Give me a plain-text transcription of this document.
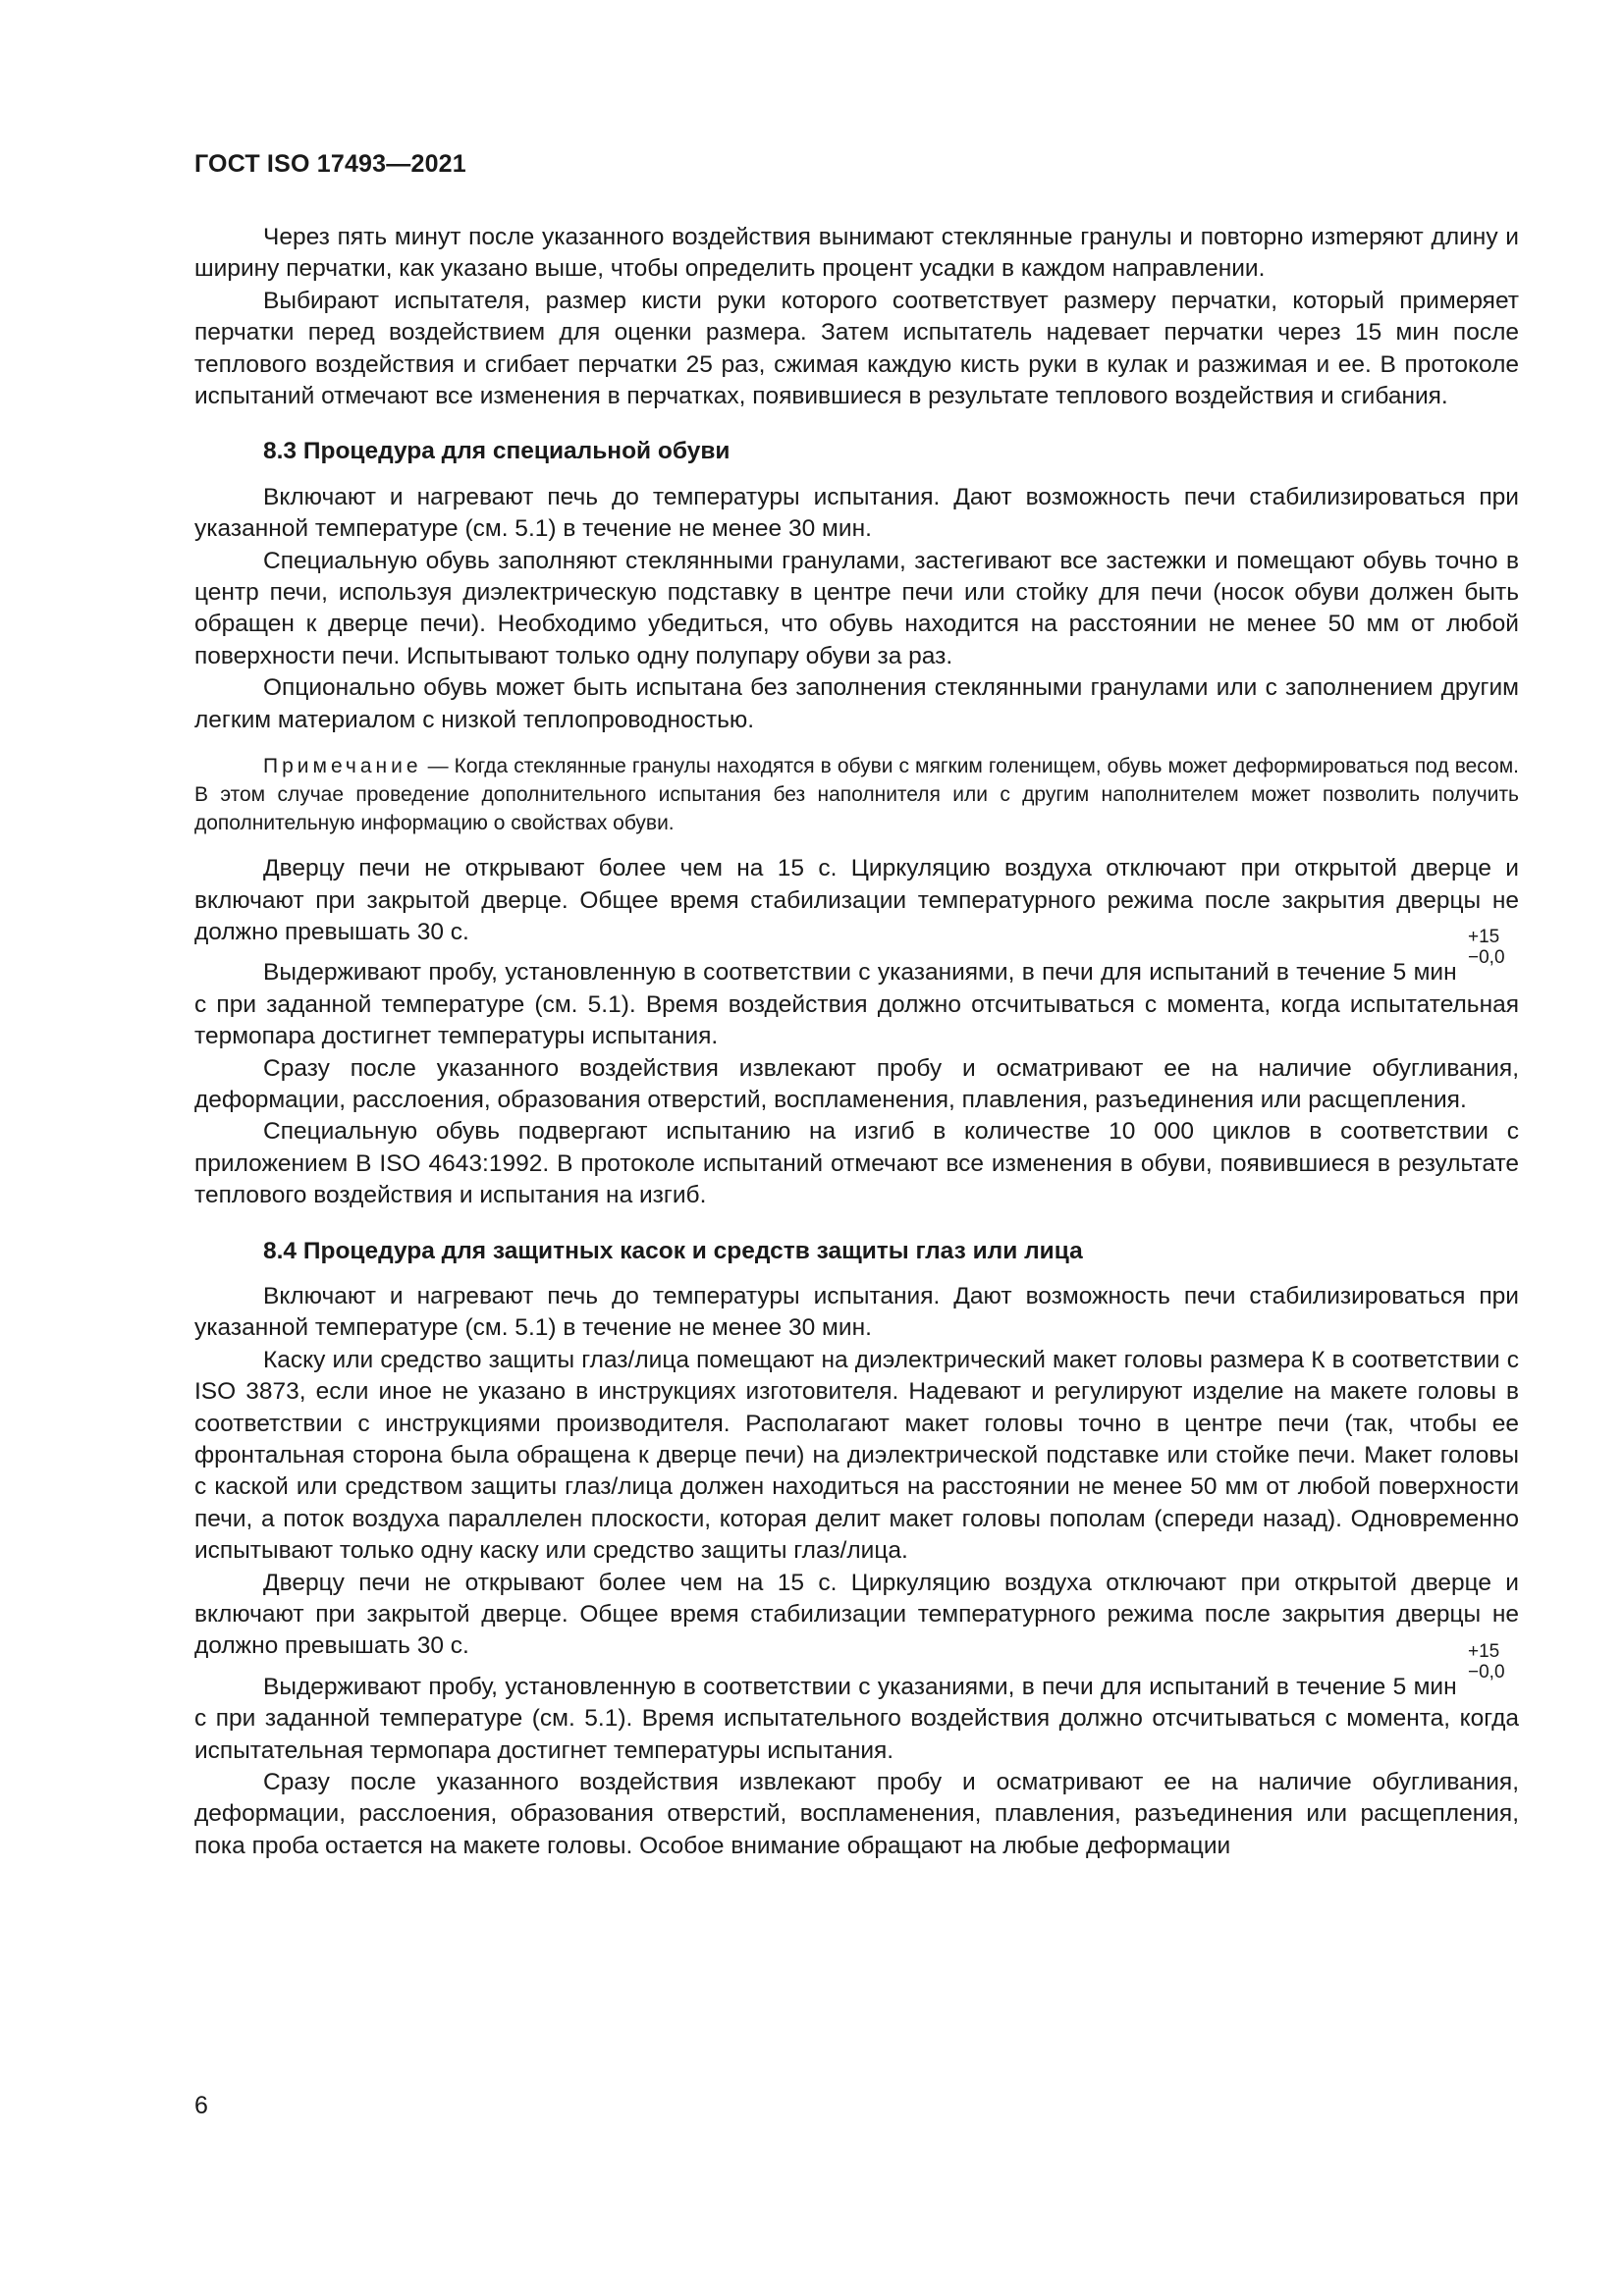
ГОСТ ISO 17493—2021

Через пять минут после указанного воздействия вынимают стеклянные гранулы и повторно изmеряют длину и ширину перчатки, как указано выше, чтобы определить процент усадки в каждом направлении.

Выбирают испытателя, размер кисти руки которого соответствует размеру перчатки, который примеряет перчатки перед воздействием для оценки размера. Затем испытатель надевает перчатки через 15 мин после теплового воздействия и сгибает перчатки 25 раз, сжимая каждую кисть руки в кулак и разжимая и ее. В протоколе испытаний отмечают все изменения в перчатках, появившиеся в результате теплового воздействия и сгибания.

8.3 Процедура для специальной обуви

Включают и нагревают печь до температуры испытания. Дают возможность печи стабилизироваться при указанной температуре (см. 5.1) в течение не менее 30 мин.

Специальную обувь заполняют стеклянными гранулами, застегивают все застежки и помещают обувь точно в центр печи, используя диэлектрическую подставку в центре печи или стойку для печи (носок обуви должен быть обращен к дверце печи). Необходимо убедиться, что обувь находится на расстоянии не менее 50 мм от любой поверхности печи. Испытывают только одну полупару обуви за раз.

Опционально обувь может быть испытана без заполнения стеклянными гранулами или с заполнением другим легким материалом с низкой теплопроводностью.

Примечание — Когда стеклянные гранулы находятся в обуви с мягким голенищем, обувь может деформироваться под весом. В этом случае проведение дополнительного испытания без наполнителя или с другим наполнителем может позволить получить дополнительную информацию о свойствах обуви.

Дверцу печи не открывают более чем на 15 с. Циркуляцию воздуха отключают при открытой дверце и включают при закрытой дверце. Общее время стабилизации температурного режима после закрытия дверцы не должно превышать 30 с.

Выдерживают пробу, установленную в соответствии с указаниями, в печи для испытаний в течение 5 мин
+15
−0,0
с при заданной температуре (см. 5.1). Время воздействия должно отсчитываться с момента, когда испытательная термопара достигнет температуры испытания.

Сразу после указанного воздействия извлекают пробу и осматривают ее на наличие обугливания, деформации, расслоения, образования отверстий, воспламенения, плавления, разъединения или расщепления.

Специальную обувь подвергают испытанию на изгиб в количестве 10 000 циклов в соответствии с приложением В ISO 4643:1992. В протоколе испытаний отмечают все изменения в обуви, появившиеся в результате теплового воздействия и испытания на изгиб.

8.4 Процедура для защитных касок и средств защиты глаз или лица

Включают и нагревают печь до температуры испытания. Дают возможность печи стабилизироваться при указанной температуре (см. 5.1) в течение не менее 30 мин.

Каску или средство защиты глаз/лица помещают на диэлектрический макет головы размера К в соответствии с ISO 3873, если иное не указано в инструкциях изготовителя. Надевают и регулируют изделие на макете головы в соответствии с инструкциями производителя. Располагают макет головы точно в центре печи (так, чтобы ее фронтальная сторона была обращена к дверце печи) на диэлектрической подставке или стойке печи. Макет головы с каской или средством защиты глаз/лица должен находиться на расстоянии не менее 50 мм от любой поверхности печи, а поток воздуха параллелен плоскости, которая делит макет головы пополам (спереди назад). Одновременно испытывают только одну каску или средство защиты глаз/лица.

Дверцу печи не открывают более чем на 15 с. Циркуляцию воздуха отключают при открытой дверце и включают при закрытой дверце. Общее время стабилизации температурного режима после закрытия дверцы не должно превышать 30 с.

Выдерживают пробу, установленную в соответствии с указаниями, в печи для испытаний в течение 5 мин
+15
−0,0
с при заданной температуре (см. 5.1). Время испытательного воздействия должно отсчитываться с момента, когда испытательная термопара достигнет температуры испытания.

Сразу после указанного воздействия извлекают пробу и осматривают ее на наличие обугливания, деформации, расслоения, образования отверстий, воспламенения, плавления, разъединения или расщепления, пока проба остается на макете головы. Особое внимание обращают на любые деформации

6
